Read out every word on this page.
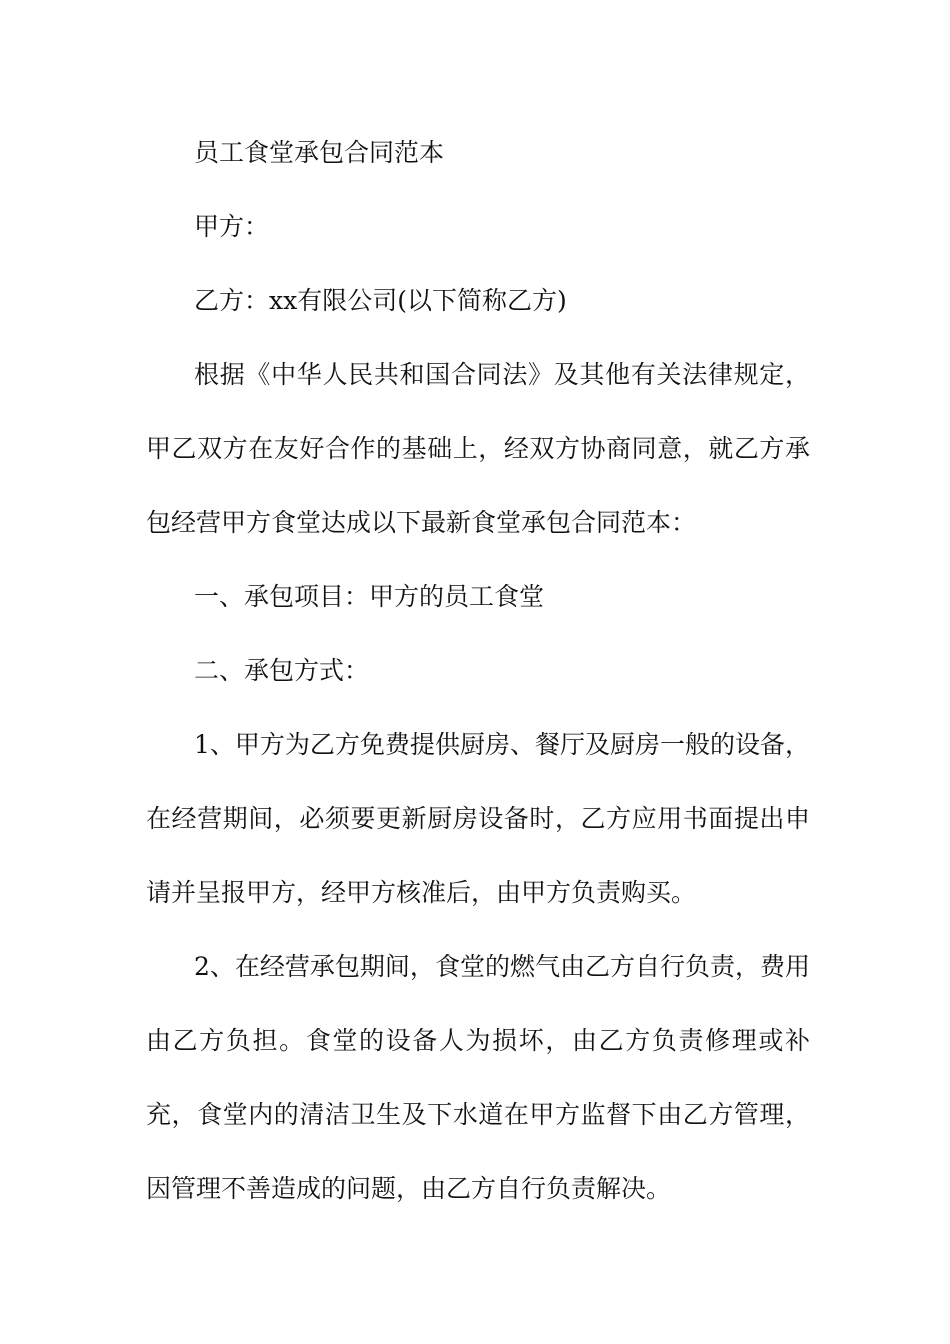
员工食堂承包合同范本

甲方：

乙方：xx有限公司(以下简称乙方)

根据《中华人民共和国合同法》及其他有关法律规定，甲乙双方在友好合作的基础上，经双方协商同意，就乙方承包经营甲方食堂达成以下最新食堂承包合同范本：

一、承包项目：甲方的员工食堂

二、承包方式：

1、甲方为乙方免费提供厨房、餐厅及厨房一般的设备，在经营期间，必须要更新厨房设备时，乙方应用书面提出申请并呈报甲方，经甲方核准后，由甲方负责购买。

2、在经营承包期间，食堂的燃气由乙方自行负责，费用由乙方负担。食堂的设备人为损坏，由乙方负责修理或补充，食堂内的清洁卫生及下水道在甲方监督下由乙方管理，因管理不善造成的问题，由乙方自行负责解决。
